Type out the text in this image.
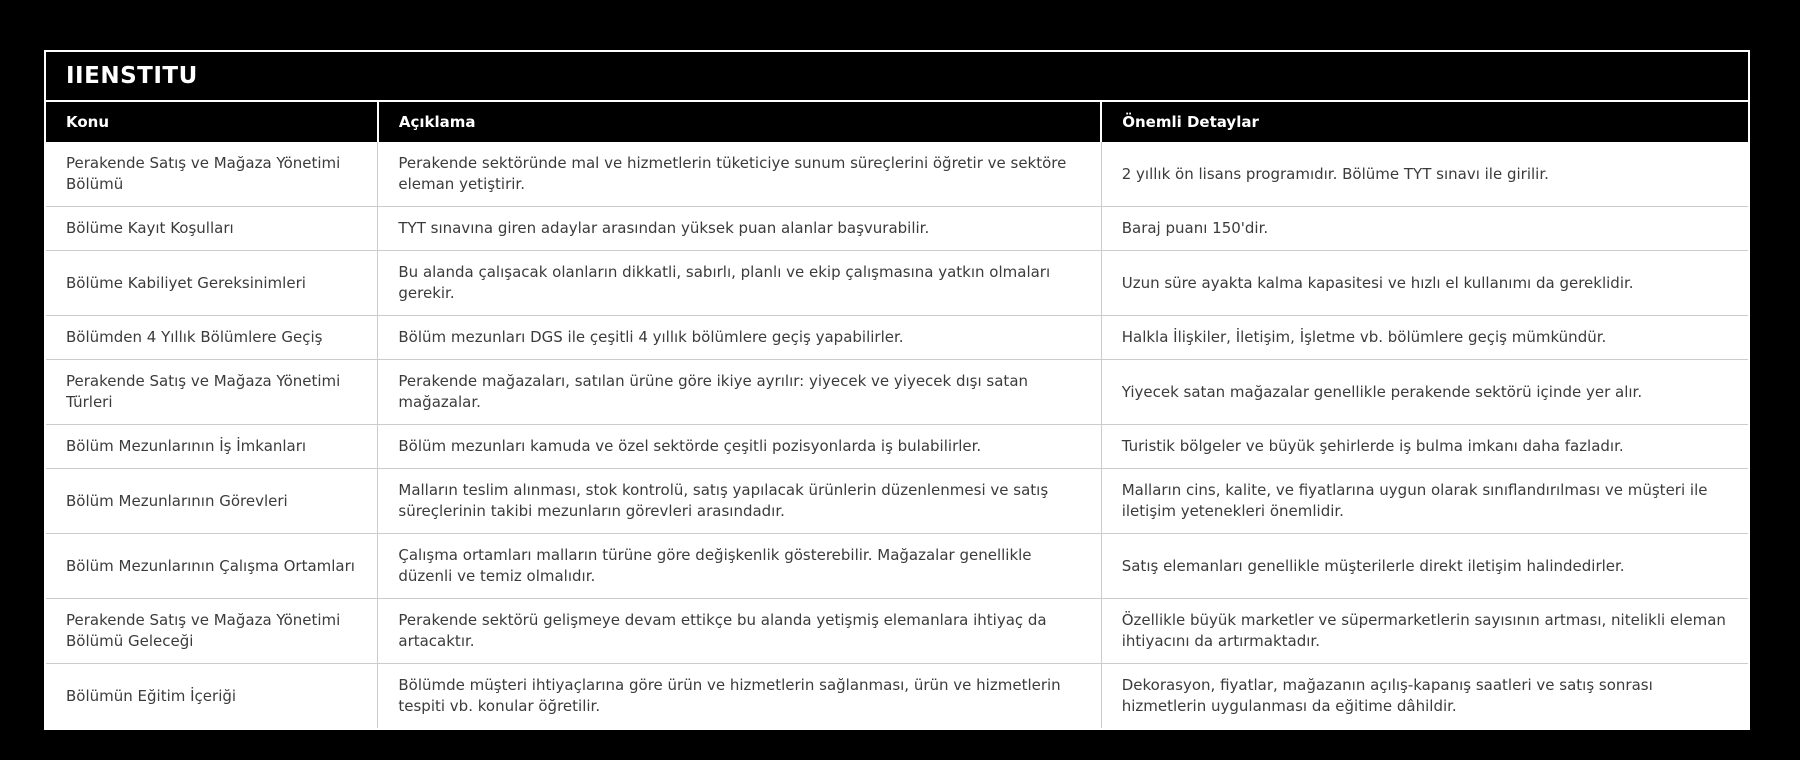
IIENSTITU
Konu	Açıklama	Önemli Detaylar
Perakende Satış ve Mağaza Yönetimi Bölümü	Perakende sektöründe mal ve hizmetlerin tüketiciye sunum süreçlerini öğretir ve sektöre eleman yetiştirir.	2 yıllık ön lisans programıdır. Bölüme TYT sınavı ile girilir.
Bölüme Kayıt Koşulları	TYT sınavına giren adaylar arasından yüksek puan alanlar başvurabilir.	Baraj puanı 150'dir.
Bölüme Kabiliyet Gereksinimleri	Bu alanda çalışacak olanların dikkatli, sabırlı, planlı ve ekip çalışmasına yatkın olmaları gerekir.	Uzun süre ayakta kalma kapasitesi ve hızlı el kullanımı da gereklidir.
Bölümden 4 Yıllık Bölümlere Geçiş	Bölüm mezunları DGS ile çeşitli 4 yıllık bölümlere geçiş yapabilirler.	Halkla İlişkiler, İletişim, İşletme vb. bölümlere geçiş mümkündür.
Perakende Satış ve Mağaza Yönetimi Türleri	Perakende mağazaları, satılan ürüne göre ikiye ayrılır: yiyecek ve yiyecek dışı satan mağazalar.	Yiyecek satan mağazalar genellikle perakende sektörü içinde yer alır.
Bölüm Mezunlarının İş İmkanları	Bölüm mezunları kamuda ve özel sektörde çeşitli pozisyonlarda iş bulabilirler.	Turistik bölgeler ve büyük şehirlerde iş bulma imkanı daha fazladır.
Bölüm Mezunlarının Görevleri	Malların teslim alınması, stok kontrolü, satış yapılacak ürünlerin düzenlenmesi ve satış süreçlerinin takibi mezunların görevleri arasındadır.	Malların cins, kalite, ve fiyatlarına uygun olarak sınıflandırılması ve müşteri ile iletişim yetenekleri önemlidir.
Bölüm Mezunlarının Çalışma Ortamları	Çalışma ortamları malların türüne göre değişkenlik gösterebilir. Mağazalar genellikle düzenli ve temiz olmalıdır.	Satış elemanları genellikle müşterilerle direkt iletişim halindedirler.
Perakende Satış ve Mağaza Yönetimi Bölümü Geleceği	Perakende sektörü gelişmeye devam ettikçe bu alanda yetişmiş elemanlara ihtiyaç da artacaktır.	Özellikle büyük marketler ve süpermarketlerin sayısının artması, nitelikli eleman ihtiyacını da artırmaktadır.
Bölümün Eğitim İçeriği	Bölümde müşteri ihtiyaçlarına göre ürün ve hizmetlerin sağlanması, ürün ve hizmetlerin tespiti vb. konular öğretilir.	Dekorasyon, fiyatlar, mağazanın açılış-kapanış saatleri ve satış sonrası hizmetlerin uygulanması da eğitime dâhildir.
